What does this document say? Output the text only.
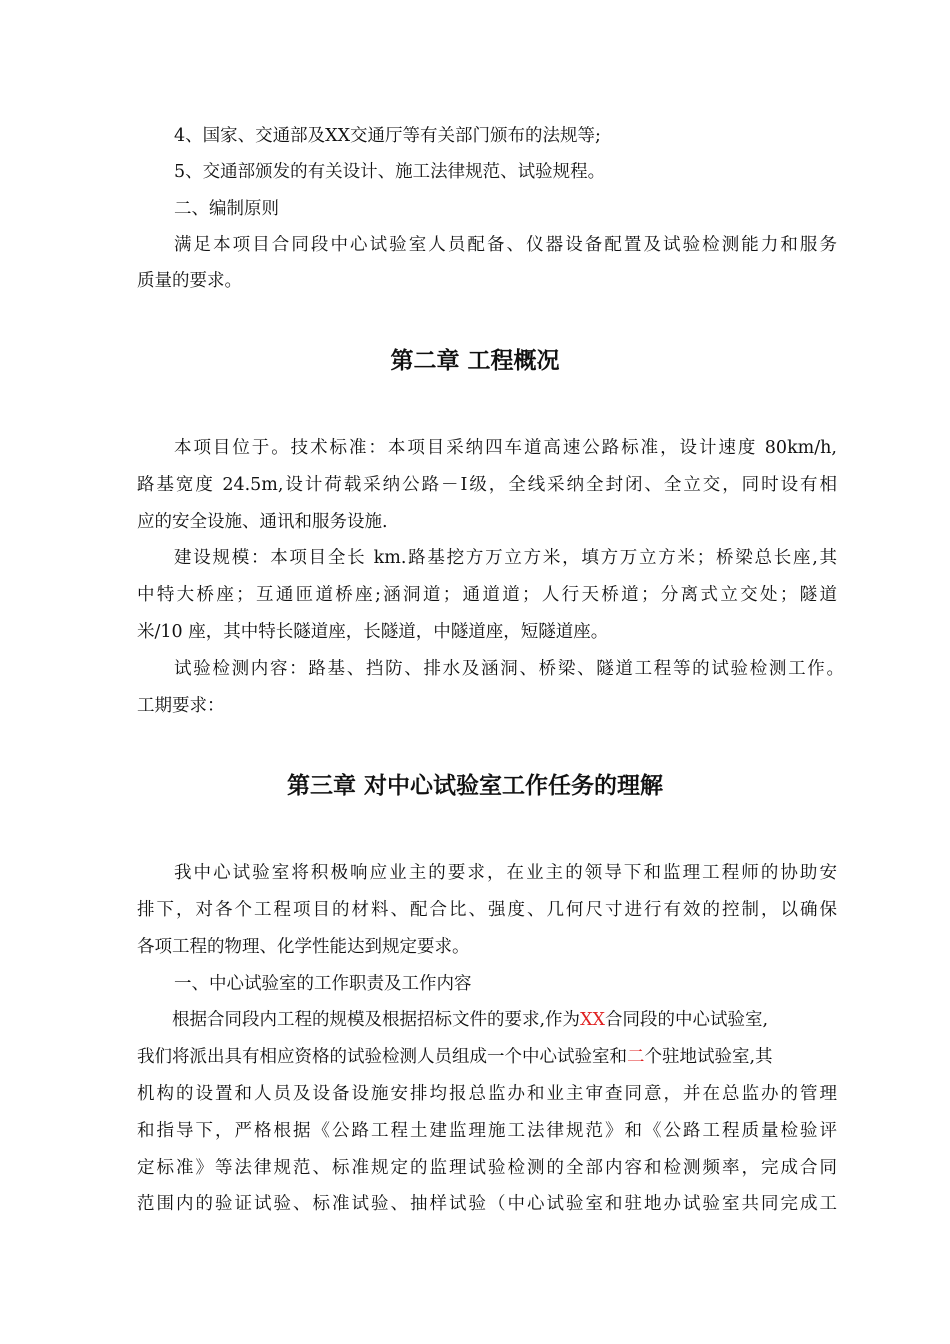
4、国家、交通部及XX交通厅等有关部门颁布的法规等;
5、交通部颁发的有关设计、施工法律规范、试验规程。
二、编制原则
满足本项目合同段中心试验室人员配备、仪器设备配置及试验检测能力和服务
质量的要求。
第二章 工程概况
本项目位于。技术标准：本项目采纳四车道高速公路标准，设计速度 80km/h,
路基宽度 24.5m,设计荷载采纳公路－Ⅰ级，全线采纳全封闭、全立交，同时设有相
应的安全设施、通讯和服务设施.
建设规模：本项目全长 km.路基挖方万立方米，填方万立方米；桥梁总长座,其
中特大桥座；互通匝道桥座;涵洞道；通道道；人行天桥道；分离式立交处；隧道
米/10 座，其中特长隧道座，长隧道，中隧道座，短隧道座。
试验检测内容：路基、挡防、排水及涵洞、桥梁、隧道工程等的试验检测工作。
工期要求：
第三章 对中心试验室工作任务的理解
我中心试验室将积极响应业主的要求，在业主的领导下和监理工程师的协助安
排下，对各个工程项目的材料、配合比、强度、几何尺寸进行有效的控制，以确保
各项工程的物理、化学性能达到规定要求。
一、中心试验室的工作职责及工作内容
根据合同段内工程的规模及根据招标文件的要求,作为XX合同段的中心试验室,
我们将派出具有相应资格的试验检测人员组成一个中心试验室和二个驻地试验室,其
机构的设置和人员及设备设施安排均报总监办和业主审查同意，并在总监办的管理
和指导下，严格根据《公路工程土建监理施工法律规范》和《公路工程质量检验评
定标准》等法律规范、标准规定的监理试验检测的全部内容和检测频率，完成合同
范围内的验证试验、标准试验、抽样试验（中心试验室和驻地办试验室共同完成工
